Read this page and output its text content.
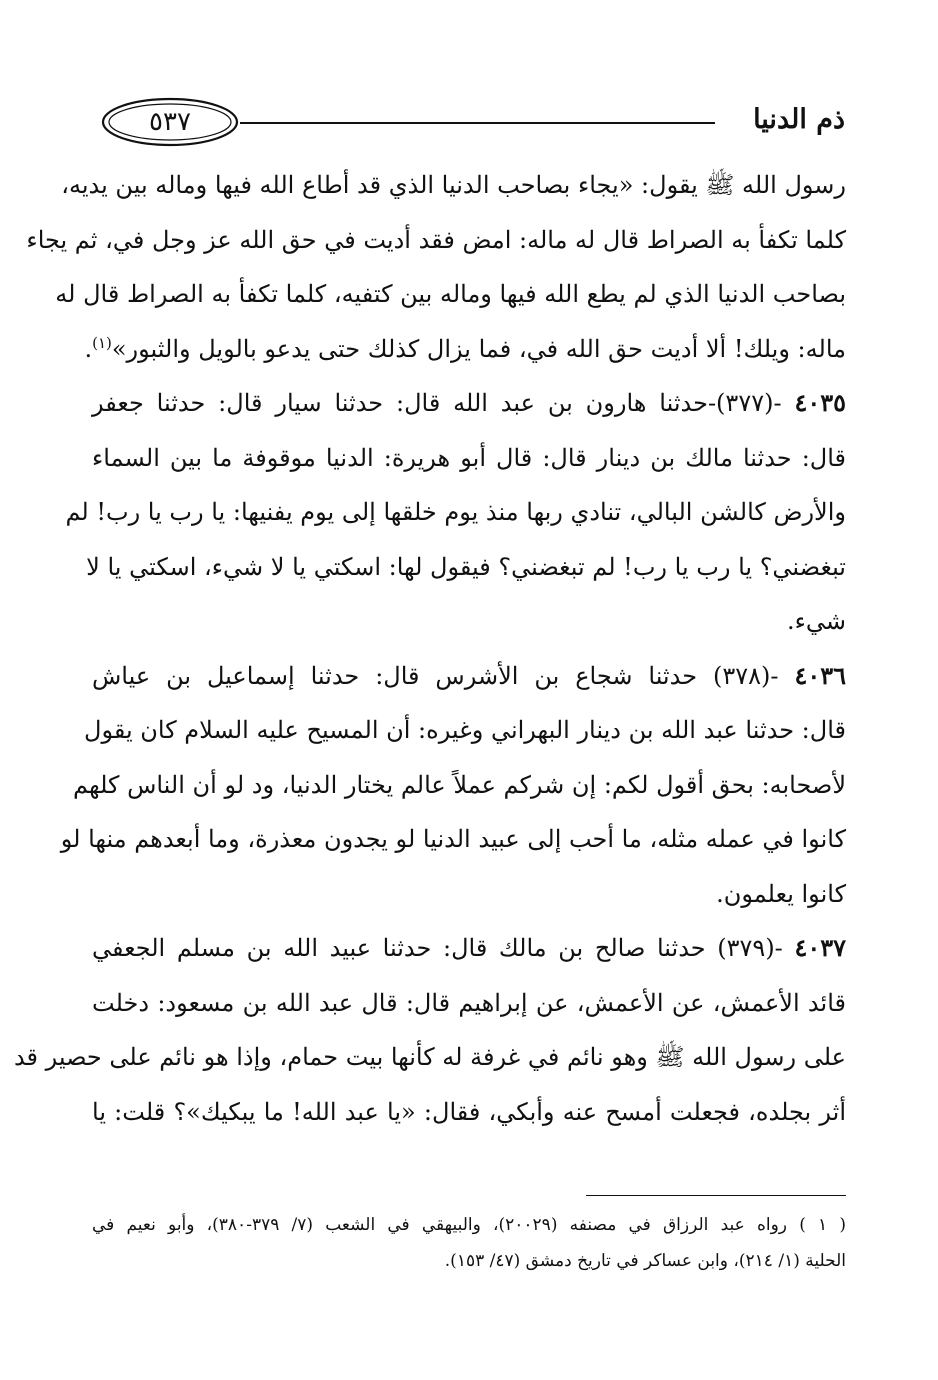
ذم الدنيا
٥٣٧
رسول الله ﷺ يقول: «يجاء بصاحب الدنيا الذي قد أطاع الله فيها وماله بين يديه،
كلما تكفأ به الصراط قال له ماله: امض فقد أديت في حق الله عز وجل في، ثم يجاء
بصاحب الدنيا الذي لم يطع الله فيها وماله بين كتفيه، كلما تكفأ به الصراط قال له
ماله: ويلك! ألا أديت حق الله في، فما يزال كذلك حتى يدعو بالويل والثبور»$^{(١)}$.
٤٠٣٥ -(٣٧٧)-حدثنا هارون بن عبد الله قال: حدثنا سيار قال: حدثنا جعفر
قال: حدثنا مالك بن دينار قال: قال أبو هريرة: الدنيا موقوفة ما بين السماء
والأرض كالشن البالي، تنادي ربها منذ يوم خلقها إلى يوم يفنيها: يا رب يا رب! لم
تبغضني؟ يا رب يا رب! لم تبغضني؟ فيقول لها: اسكتي يا لا شيء، اسكتي يا لا
شيء.
٤٠٣٦ -(٣٧٨) حدثنا شجاع بن الأشرس قال: حدثنا إسماعيل بن عياش
قال: حدثنا عبد الله بن دينار البهراني وغيره: أن المسيح عليه السلام كان يقول
لأصحابه: بحق أقول لكم: إن شركم عملاً عالم يختار الدنيا، ود لو أن الناس كلهم
كانوا في عمله مثله، ما أحب إلى عبيد الدنيا لو يجدون معذرة، وما أبعدهم منها لو
كانوا يعلمون.
٤٠٣٧ -(٣٧٩) حدثنا صالح بن مالك قال: حدثنا عبيد الله بن مسلم الجعفي
قائد الأعمش، عن الأعمش، عن إبراهيم قال: قال عبد الله بن مسعود: دخلت
على رسول الله ﷺ وهو نائم في غرفة له كأنها بيت حمام، وإذا هو نائم على حصير قد
أثر بجلده، فجعلت أمسح عنه وأبكي، فقال: «يا عبد الله! ما يبكيك»؟ قلت: يا
( ١ ) رواه عبد الرزاق في مصنفه (٢٠٠٢٩)، والبيهقي في الشعب (٧/ ٣٧٩-٣٨٠)، وأبو نعيم في
الحلية (١/ ٢١٤)، وابن عساكر في تاريخ دمشق (٤٧/ ١٥٣).
